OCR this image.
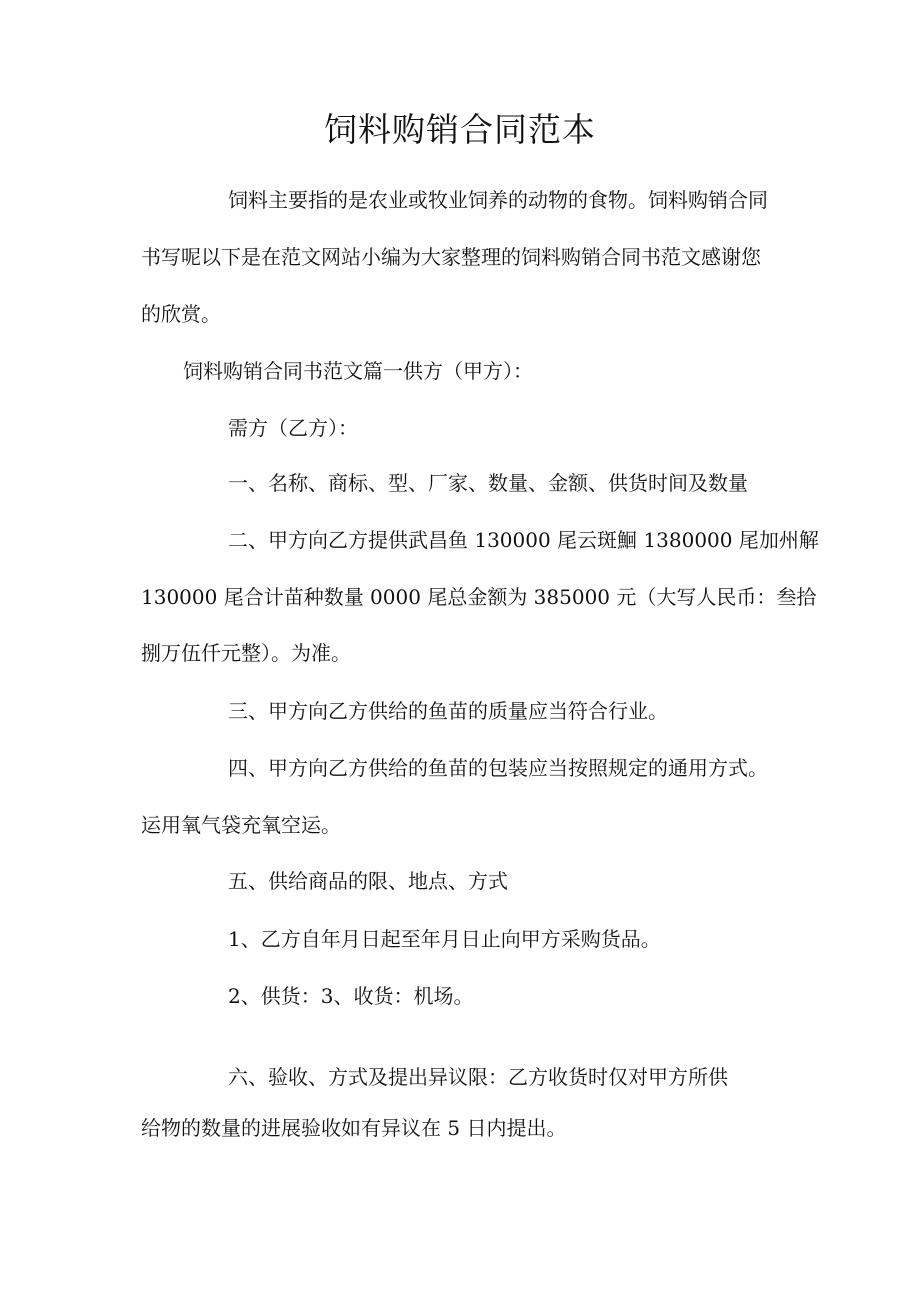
饲料购销合同范本

饲料主要指的是农业或牧业饲养的动物的食物。饲料购销合同

书写呢以下是在范文网站小编为大家整理的饲料购销合同书范文感谢您

的欣赏。

饲料购销合同书范文篇一供方（甲方）：

需方（乙方）：

一、名称、商标、型、厂家、数量、金额、供货时间及数量

二、甲方向乙方提供武昌鱼 130000 尾云斑鮰 1380000 尾加州解

130000 尾合计苗种数量 0000 尾总金额为 385000 元（大写人民币：叁拾

捌万伍仟元整）。为准。

三、甲方向乙方供给的鱼苗的质量应当符合行业。

四、甲方向乙方供给的鱼苗的包装应当按照规定的通用方式。

运用氧气袋充氧空运。

五、供给商品的限、地点、方式

1、乙方自年月日起至年月日止向甲方采购货品。

2、供货：3、收货：机场。

六、验收、方式及提出异议限：乙方收货时仅对甲方所供

给物的数量的进展验收如有异议在 5 日内提出。
